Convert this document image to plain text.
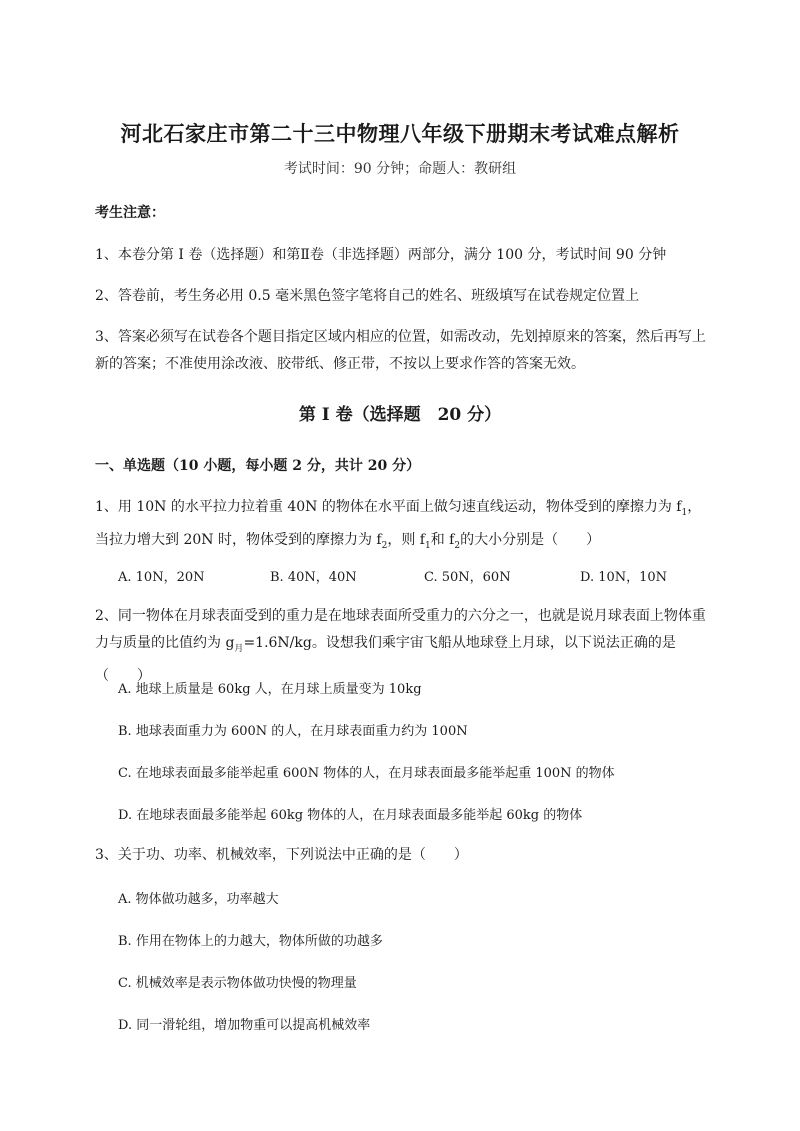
河北石家庄市第二十三中物理八年级下册期末考试难点解析
考试时间：90 分钟；命题人：教研组
考生注意：
1、本卷分第 I 卷（选择题）和第Ⅱ卷（非选择题）两部分，满分 100 分，考试时间 90 分钟
2、答卷前，考生务必用 0.5 毫米黑色签字笔将自己的姓名、班级填写在试卷规定位置上
3、答案必须写在试卷各个题目指定区域内相应的位置，如需改动，先划掉原来的答案，然后再写上新的答案；不准使用涂改液、胶带纸、修正带，不按以上要求作答的答案无效。
第 I 卷（选择题　20 分）
一、单选题（10 小题，每小题 2 分，共计 20 分）
1、用 10N 的水平拉力拉着重 40N 的物体在水平面上做匀速直线运动，物体受到的摩擦力为 $f_1$，当拉力增大到 20N 时，物体受到的摩擦力为 $f_2$，则 $f_1$和 $f_2$的大小分别是（　　）
A. 10N，20N	B. 40N，40N	C. 50N，60N	D. 10N，10N
2、同一物体在月球表面受到的重力是在地球表面所受重力的六分之一，也就是说月球表面上物体重力与质量的比值约为 $g_月=1.6N/kg$。设想我们乘宇宙飞船从地球登上月球，以下说法正确的是（　　）
A. 地球上质量是 60kg 人，在月球上质量变为 10kg
B. 地球表面重力为 600N 的人，在月球表面重力约为 100N
C. 在地球表面最多能举起重 600N 物体的人，在月球表面最多能举起重 100N 的物体
D. 在地球表面最多能举起 60kg 物体的人，在月球表面最多能举起 60kg 的物体
3、关于功、功率、机械效率，下列说法中正确的是（　　）
A. 物体做功越多，功率越大
B. 作用在物体上的力越大，物体所做的功越多
C. 机械效率是表示物体做功快慢的物理量
D. 同一滑轮组，增加物重可以提高机械效率
